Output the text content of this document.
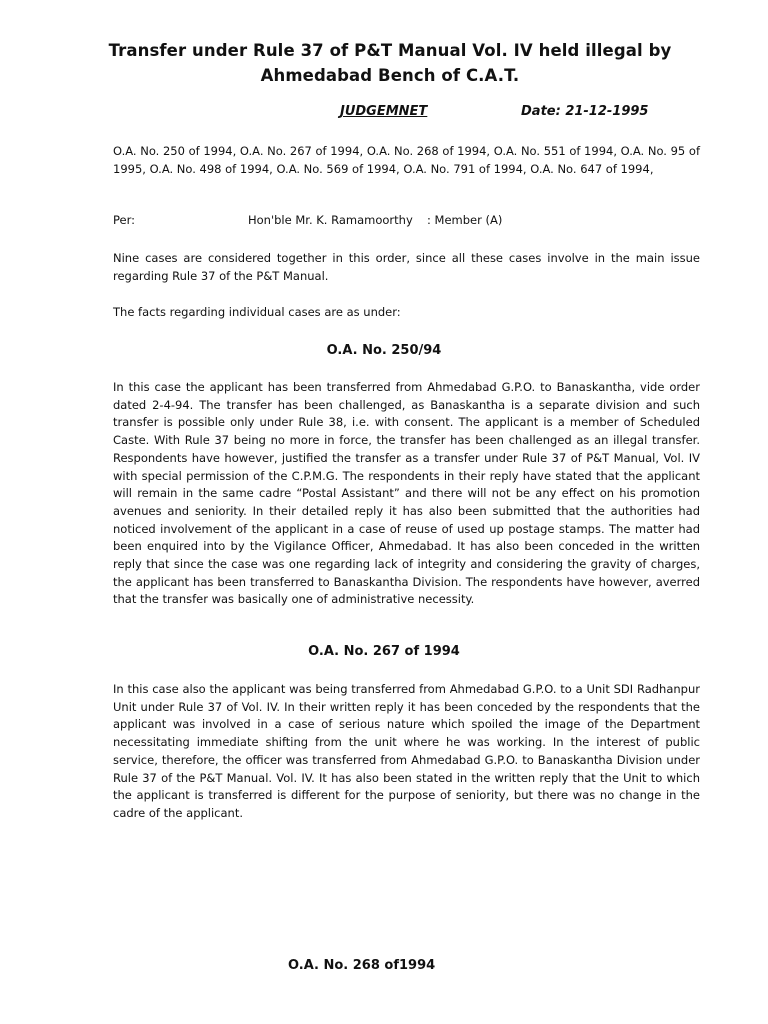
Transfer under Rule 37 of P&T Manual Vol. IV held illegal by
Ahmedabad Bench of C.A.T.
JUDGEMNET	Date: 21-12-1995

O.A. No. 250 of 1994, O.A. No. 267 of 1994, O.A. No. 268 of 1994, O.A. No. 551 of 1994, O.A. No. 95 of 1995, O.A. No. 498 of 1994, O.A. No. 569 of 1994, O.A. No. 791 of 1994, O.A. No. 647 of 1994,

Per:	Hon'ble Mr. K. Ramamoorthy : Member (A)

Nine cases are considered together in this order, since all these cases involve in the main issue regarding Rule 37 of the P&T Manual.

The facts regarding individual cases are as under:

O.A. No. 250/94

In this case the applicant has been transferred from Ahmedabad G.P.O. to Banaskantha, vide order dated 2-4-94. The transfer has been challenged, as Banaskantha is a separate division and such transfer is possible only under Rule 38, i.e. with consent. The applicant is a member of Scheduled Caste. With Rule 37 being no more in force, the transfer has been challenged as an illegal transfer. Respondents have however, justified the transfer as a transfer under Rule 37 of P&T Manual, Vol. IV with special permission of the C.P.M.G. The respondents in their reply have stated that the applicant will remain in the same cadre “Postal Assistant” and there will not be any effect on his promotion avenues and seniority. In their detailed reply it has also been submitted that the authorities had noticed involvement of the applicant in a case of reuse of used up postage stamps. The matter had been enquired into by the Vigilance Officer, Ahmedabad. It has also been conceded in the written reply that since the case was one regarding lack of integrity and considering the gravity of charges, the applicant has been transferred to Banaskantha Division. The respondents have however, averred that the transfer was basically one of administrative necessity.

O.A. No. 267 of 1994

In this case also the applicant was being transferred from Ahmedabad G.P.O. to a Unit SDI Radhanpur Unit under Rule 37 of Vol. IV. In their written reply it has been conceded by the respondents that the applicant was involved in a case of serious nature which spoiled the image of the Department necessitating immediate shifting from the unit where he was working. In the interest of public service, therefore, the officer was transferred from Ahmedabad G.P.O. to Banaskantha Division under Rule 37 of the P&T Manual. Vol. IV. It has also been stated in the written reply that the Unit to which the applicant is transferred is different for the purpose of seniority, but there was no change in the cadre of the applicant.

O.A. No. 268 of1994
